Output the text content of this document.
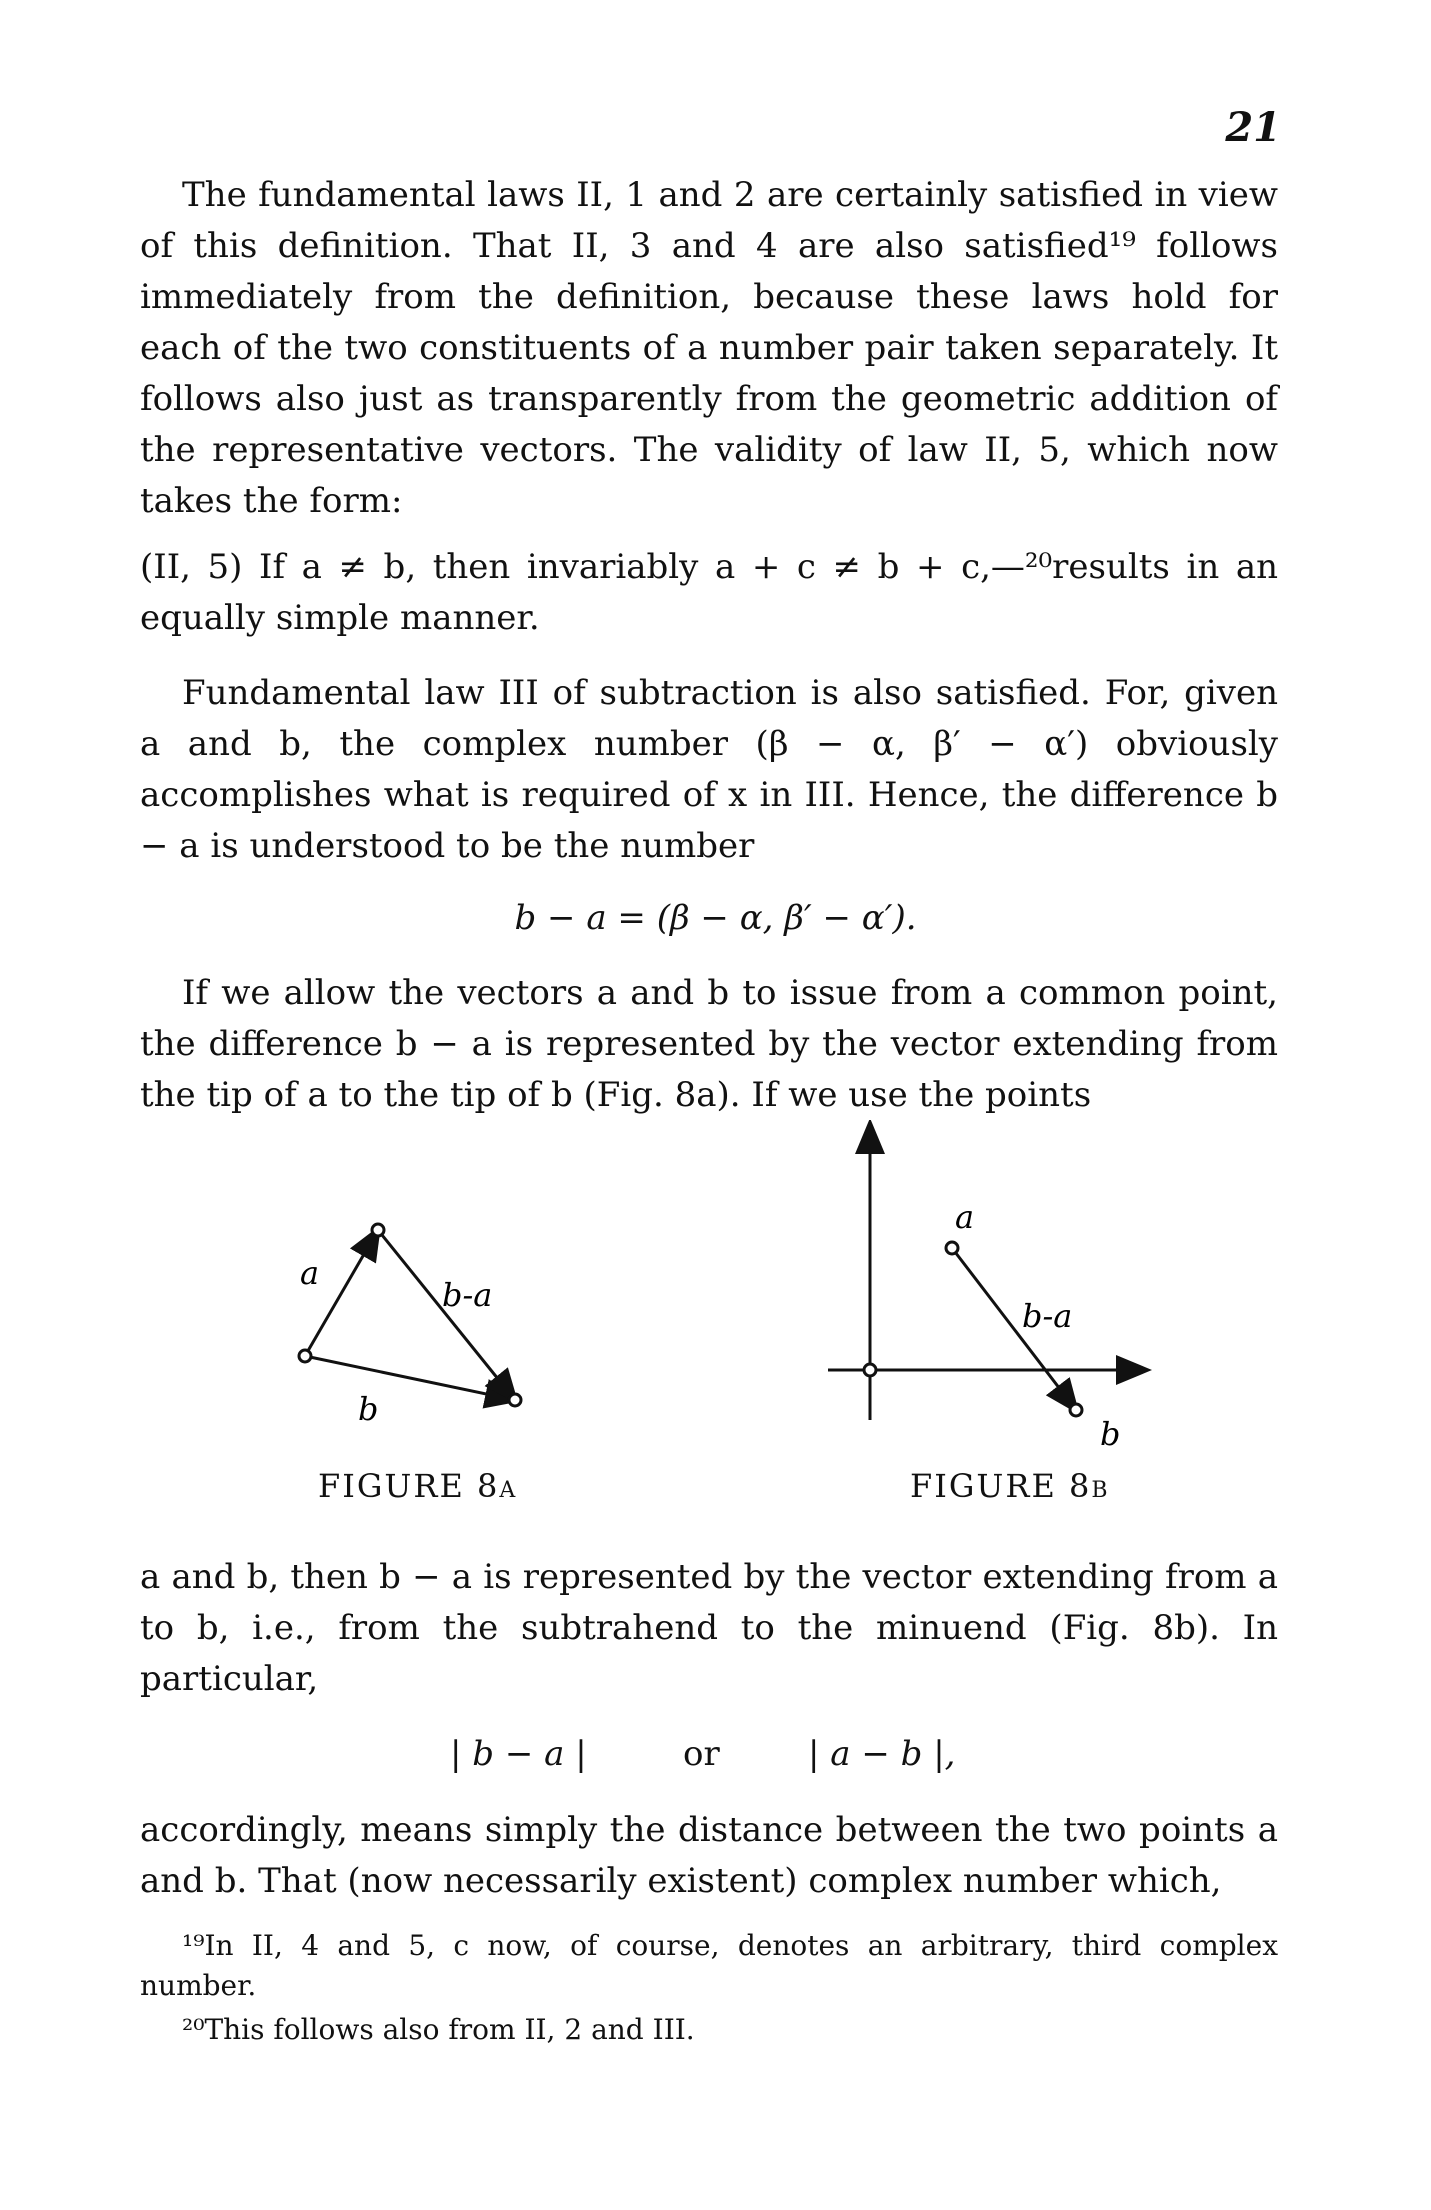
21

The fundamental laws II, 1 and 2 are certainly satisfied in view of this definition. That II, 3 and 4 are also satisfied¹⁹ follows immediately from the definition, because these laws hold for each of the two constituents of a number pair taken separately. It follows also just as transparently from the geometric addition of the representative vectors. The validity of law II, 5, which now takes the form:

(II, 5) If a ≠ b, then invariably a + c ≠ b + c,—²⁰results in an equally simple manner.

Fundamental law III of subtraction is also satisfied. For, given a and b, the complex number (β − α, β′ − α′) obviously accomplishes what is required of x in III. Hence, the difference b − a is understood to be the number

b − a = (β − α, β′ − α′).

If we allow the vectors a and b to issue from a common point, the difference b − a is represented by the vector extending from the tip of a to the tip of b (Fig. 8a). If we use the points

a
b-a
b
a
b-a
b
FIGURE 8a	FIGURE 8b

a and b, then b − a is represented by the vector extending from a to b, i.e., from the subtrahend to the minuend (Fig. 8b). In particular,

| b − a |	or	| a − b |,

accordingly, means simply the distance between the two points a and b. That (now necessarily existent) complex number which,

¹⁹In II, 4 and 5, c now, of course, denotes an arbitrary, third complex number.

²⁰This follows also from II, 2 and III.
